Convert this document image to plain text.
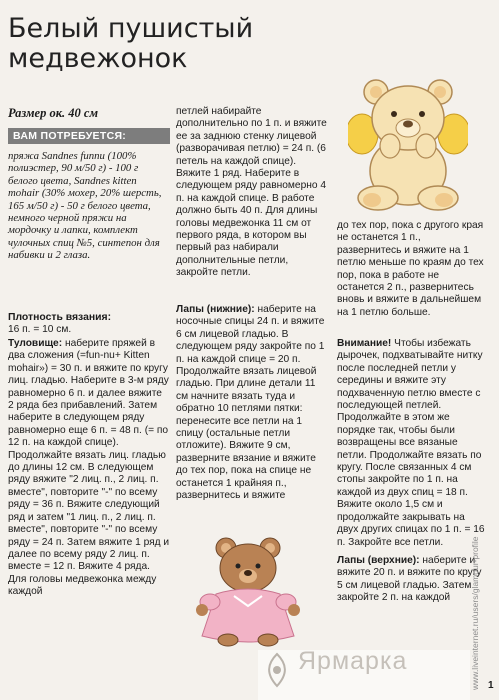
Белый пушистый
медвежонок
Размер ок. 40 см
ВАМ ПОТРЕБУЕТСЯ:
пряжа Sandnes funnu (100% полиэстер, 90 м/50 г) - 100 г белого цвета, Sandnes kitten mohair (30% мохер, 20% шерсть, 165 м/50 г) - 50 г белого цвета, немного черной пряжи на мордочку и лапки, комплект чулочных спиц №5, синтепон для набивки и 2 глаза.
Плотность вязания:
16 п. = 10 см.

Туловище: наберите пряжей в два сложения (=fun-nu+ Kitten mohair») = 30 п. и вяжите по кругу лиц. гладью. Наберите в 3-м ряду равномерно 6 п. и далее вяжите 2 ряда без прибавлений. Затем наберите в следующем ряду равномерно еще 6 п. = 48 п. (= по 12 п. на каждой спице). Продолжайте вязать лиц. гладью до длины 12 см. В следующем ряду вяжите "2 лиц. п., 2 лиц. п. вместе", повторите "-" по всему ряду = 36 п. Вяжите следующий ряд и затем "1 лиц. п., 2 лиц. п. вместе", повторите "-" по всему ряду = 24 п. Затем вяжите 1 ряд и далее по всему ряду 2 лиц. п. вместе = 12 п. Вяжите 4 ряда. Для головы медвежонка между каждой

петлей набирайте дополнительно по 1 п. и вяжите ее за заднюю стенку лицевой (разворачивая петлю) = 24 п. (6 петель на каждой спице). Вяжите 1 ряд. Наберите в следующем ряду равномерно 4 п. на каждой спице. В работе должно быть 40 п. Для длины головы медвежонка 11 см от первого ряда, в котором вы первый раз набирали дополнительные петли, закройте петли.

Лапы (нижние): наберите на носочные спицы 24 п. и вяжите 6 см лицевой гладью. В следующем ряду закройте по 1 п. на каждой спице = 20 п. Продолжайте вязать лицевой гладью. При длине детали 11 см начните вязать туда и обратно 10 петлями пятки: перенесите все петли на 1 спицу (остальные петли отложите). Вяжите 9 см, разверните вязание и вяжите до тех пор, пока на спице не останется 1 крайняя п., развернитесь и вяжите

до тех пор, пока с другого края не останется 1 п., развернитесь и вяжите на 1 петлю меньше по краям до тех пор, пока в работе не останется 2 п., развернитесь вновь и вяжите в дальнейшем на 1 петлю больше.

Внимание! Чтобы избежать дырочек, подхватывайте нитку после последней петли у середины и вяжите эту подхваченную петлю вместе с последующей петлей. Продолжайте в этом же порядке так, чтобы были возвращены все вязаные петли. Продолжайте вязать по кругу. После связанных 4 см стопы закройте по 1 п. на каждой из двух спиц = 18 п. Вяжите около 1,5 см и продолжайте закрывать на двух других спицах по 1 п. = 16 п. Закройте все петли.

Лапы (верхние): наберите и вяжите 20 п. и вяжите по кругу 5 см лицевой гладью. Затем закройте 2 п. на каждой

Ярмарка	www.liveinternet.ru/users/glamour-profile 1
